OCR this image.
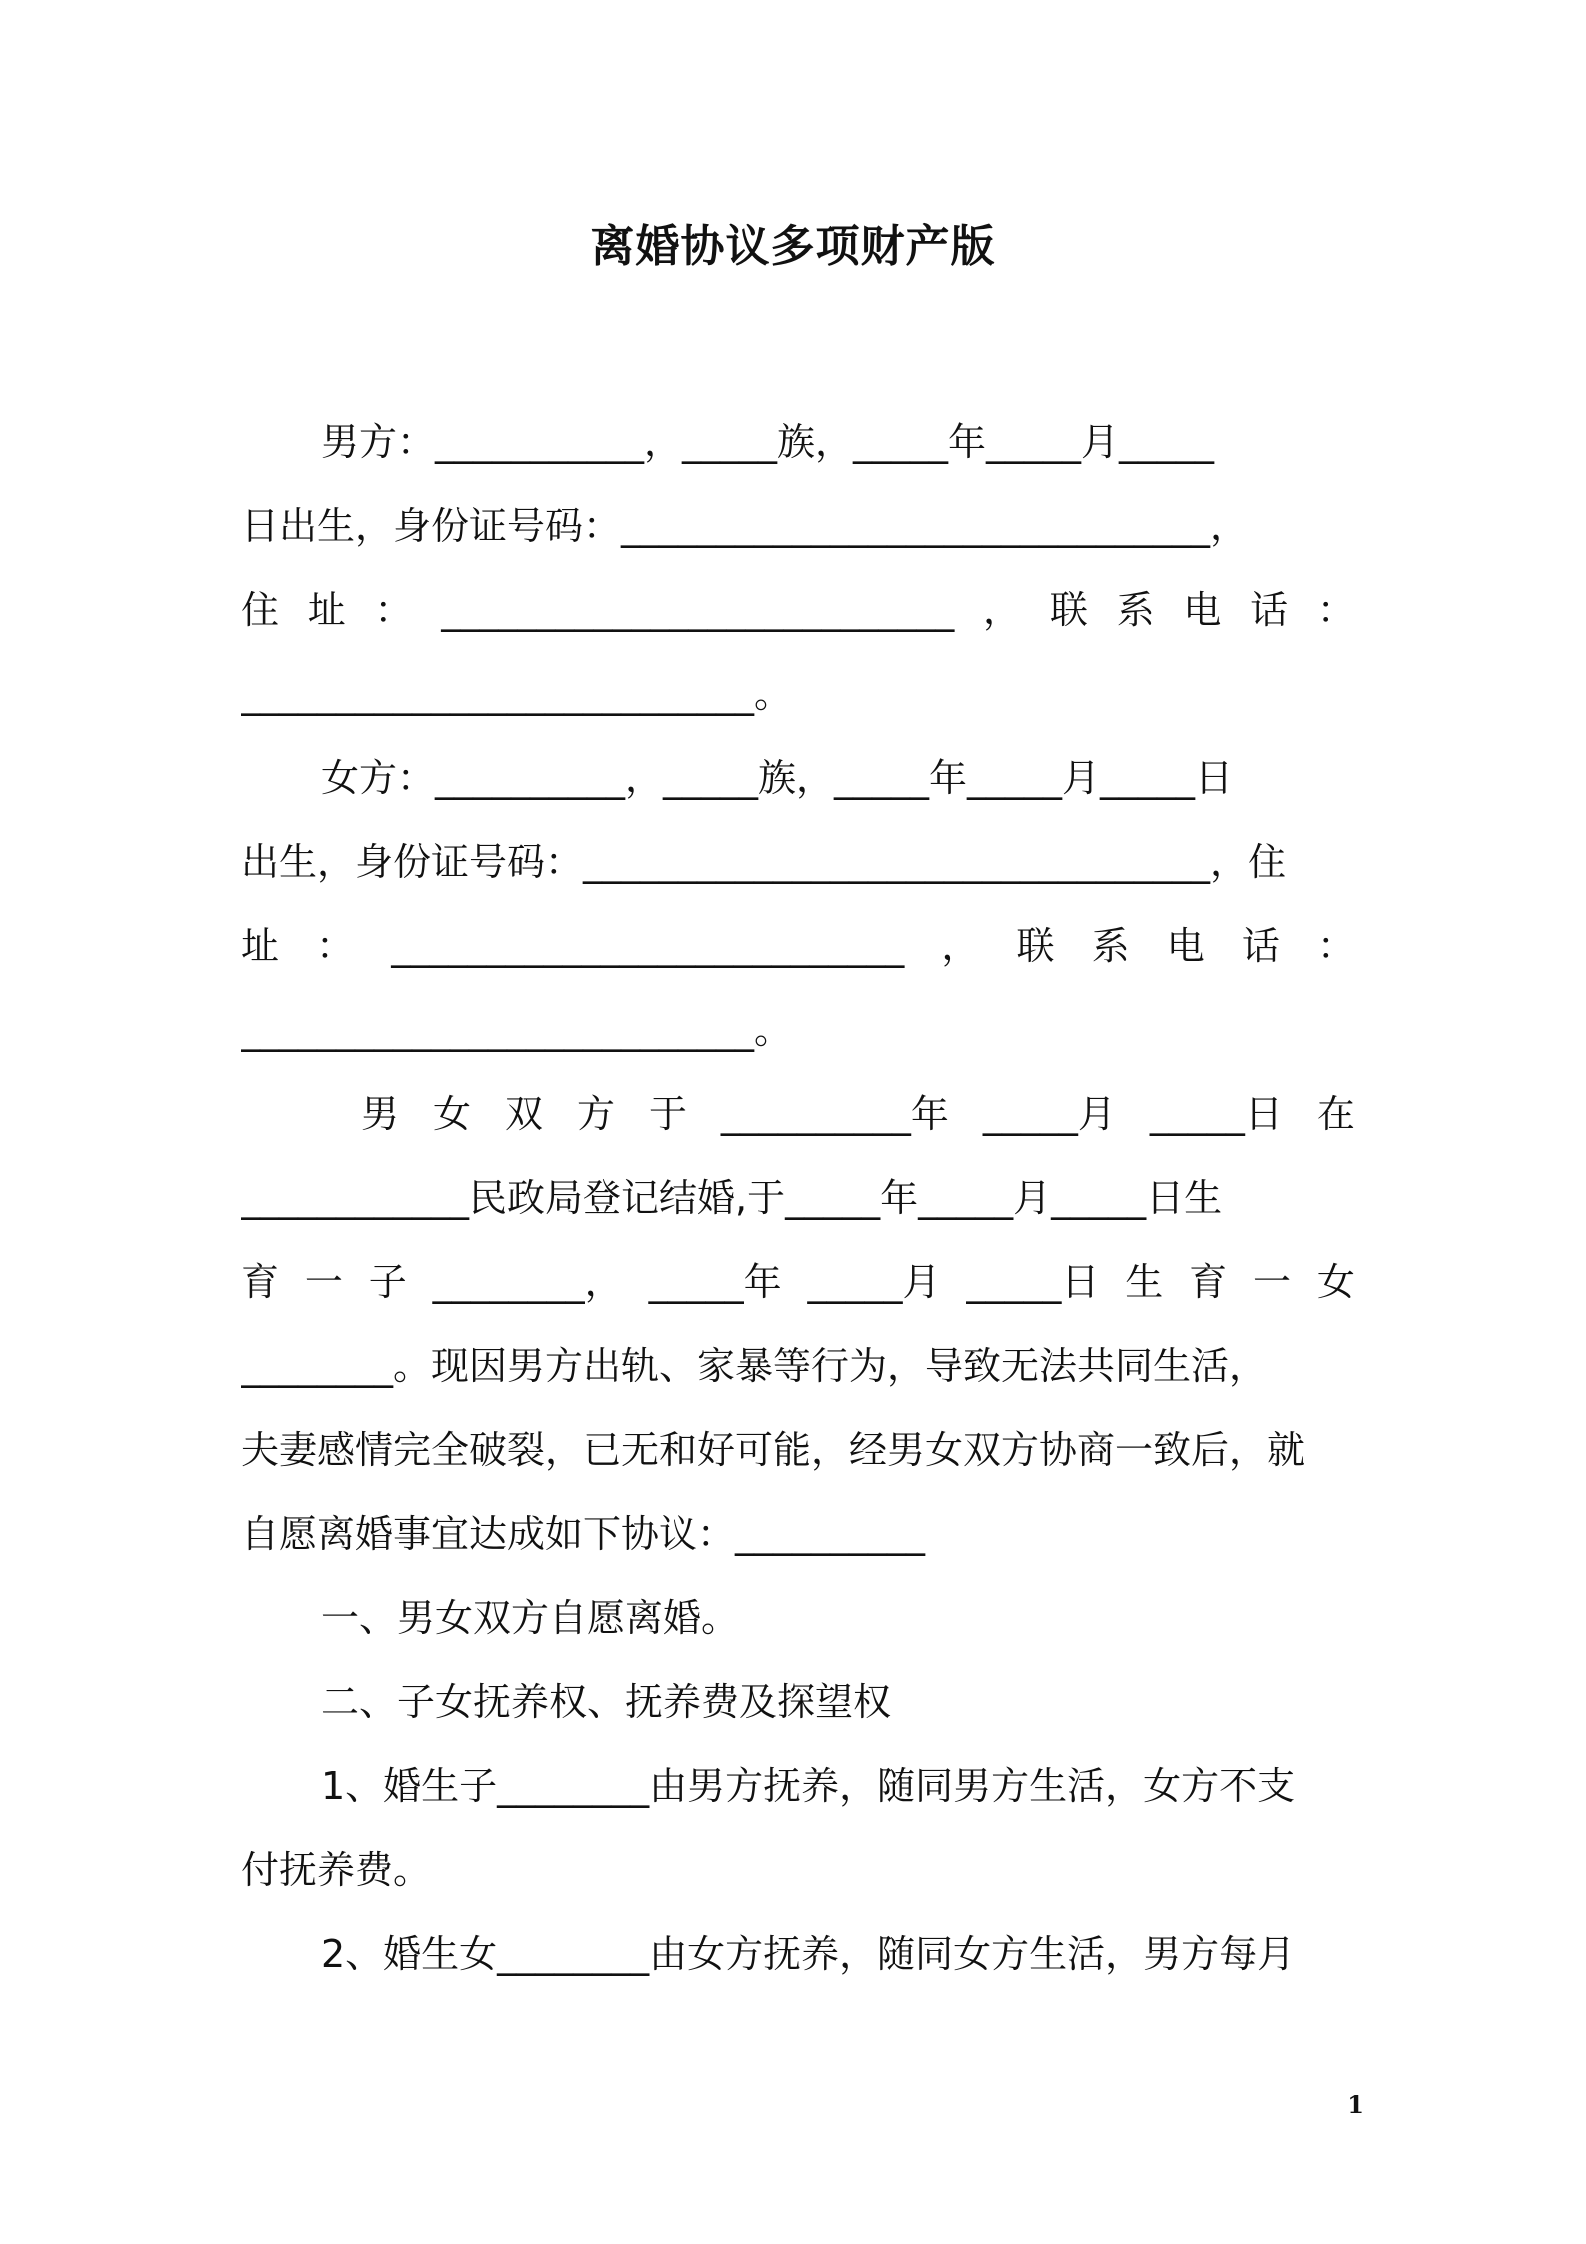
离婚协议多项财产版
男方：___________，_____族，_____年_____月_____
日出生，身份证号码：_______________________________，
住 址 ： ___________________________ ， 联 系 电 话 ：
___________________________。
女方：__________，_____族，_____年_____月_____日
出生，身份证号码：_________________________________，住
址 ： ___________________________ ， 联 系 电 话 ：
___________________________。
男 女 双 方 于 __________年 _____月 _____日 在
____________民政局登记结婚,于_____年_____月_____日生
育 一 子 ________， _____年 _____月 _____日 生 育 一 女
________。现因男方出轨、家暴等行为，导致无法共同生活，
夫妻感情完全破裂，已无和好可能，经男女双方协商一致后，就
自愿离婚事宜达成如下协议：__________
一、男女双方自愿离婚。
二、子女抚养权、抚养费及探望权
1、婚生子________由男方抚养，随同男方生活，女方不支
付抚养费。
2、婚生女________由女方抚养，随同女方生活，男方每月
1
